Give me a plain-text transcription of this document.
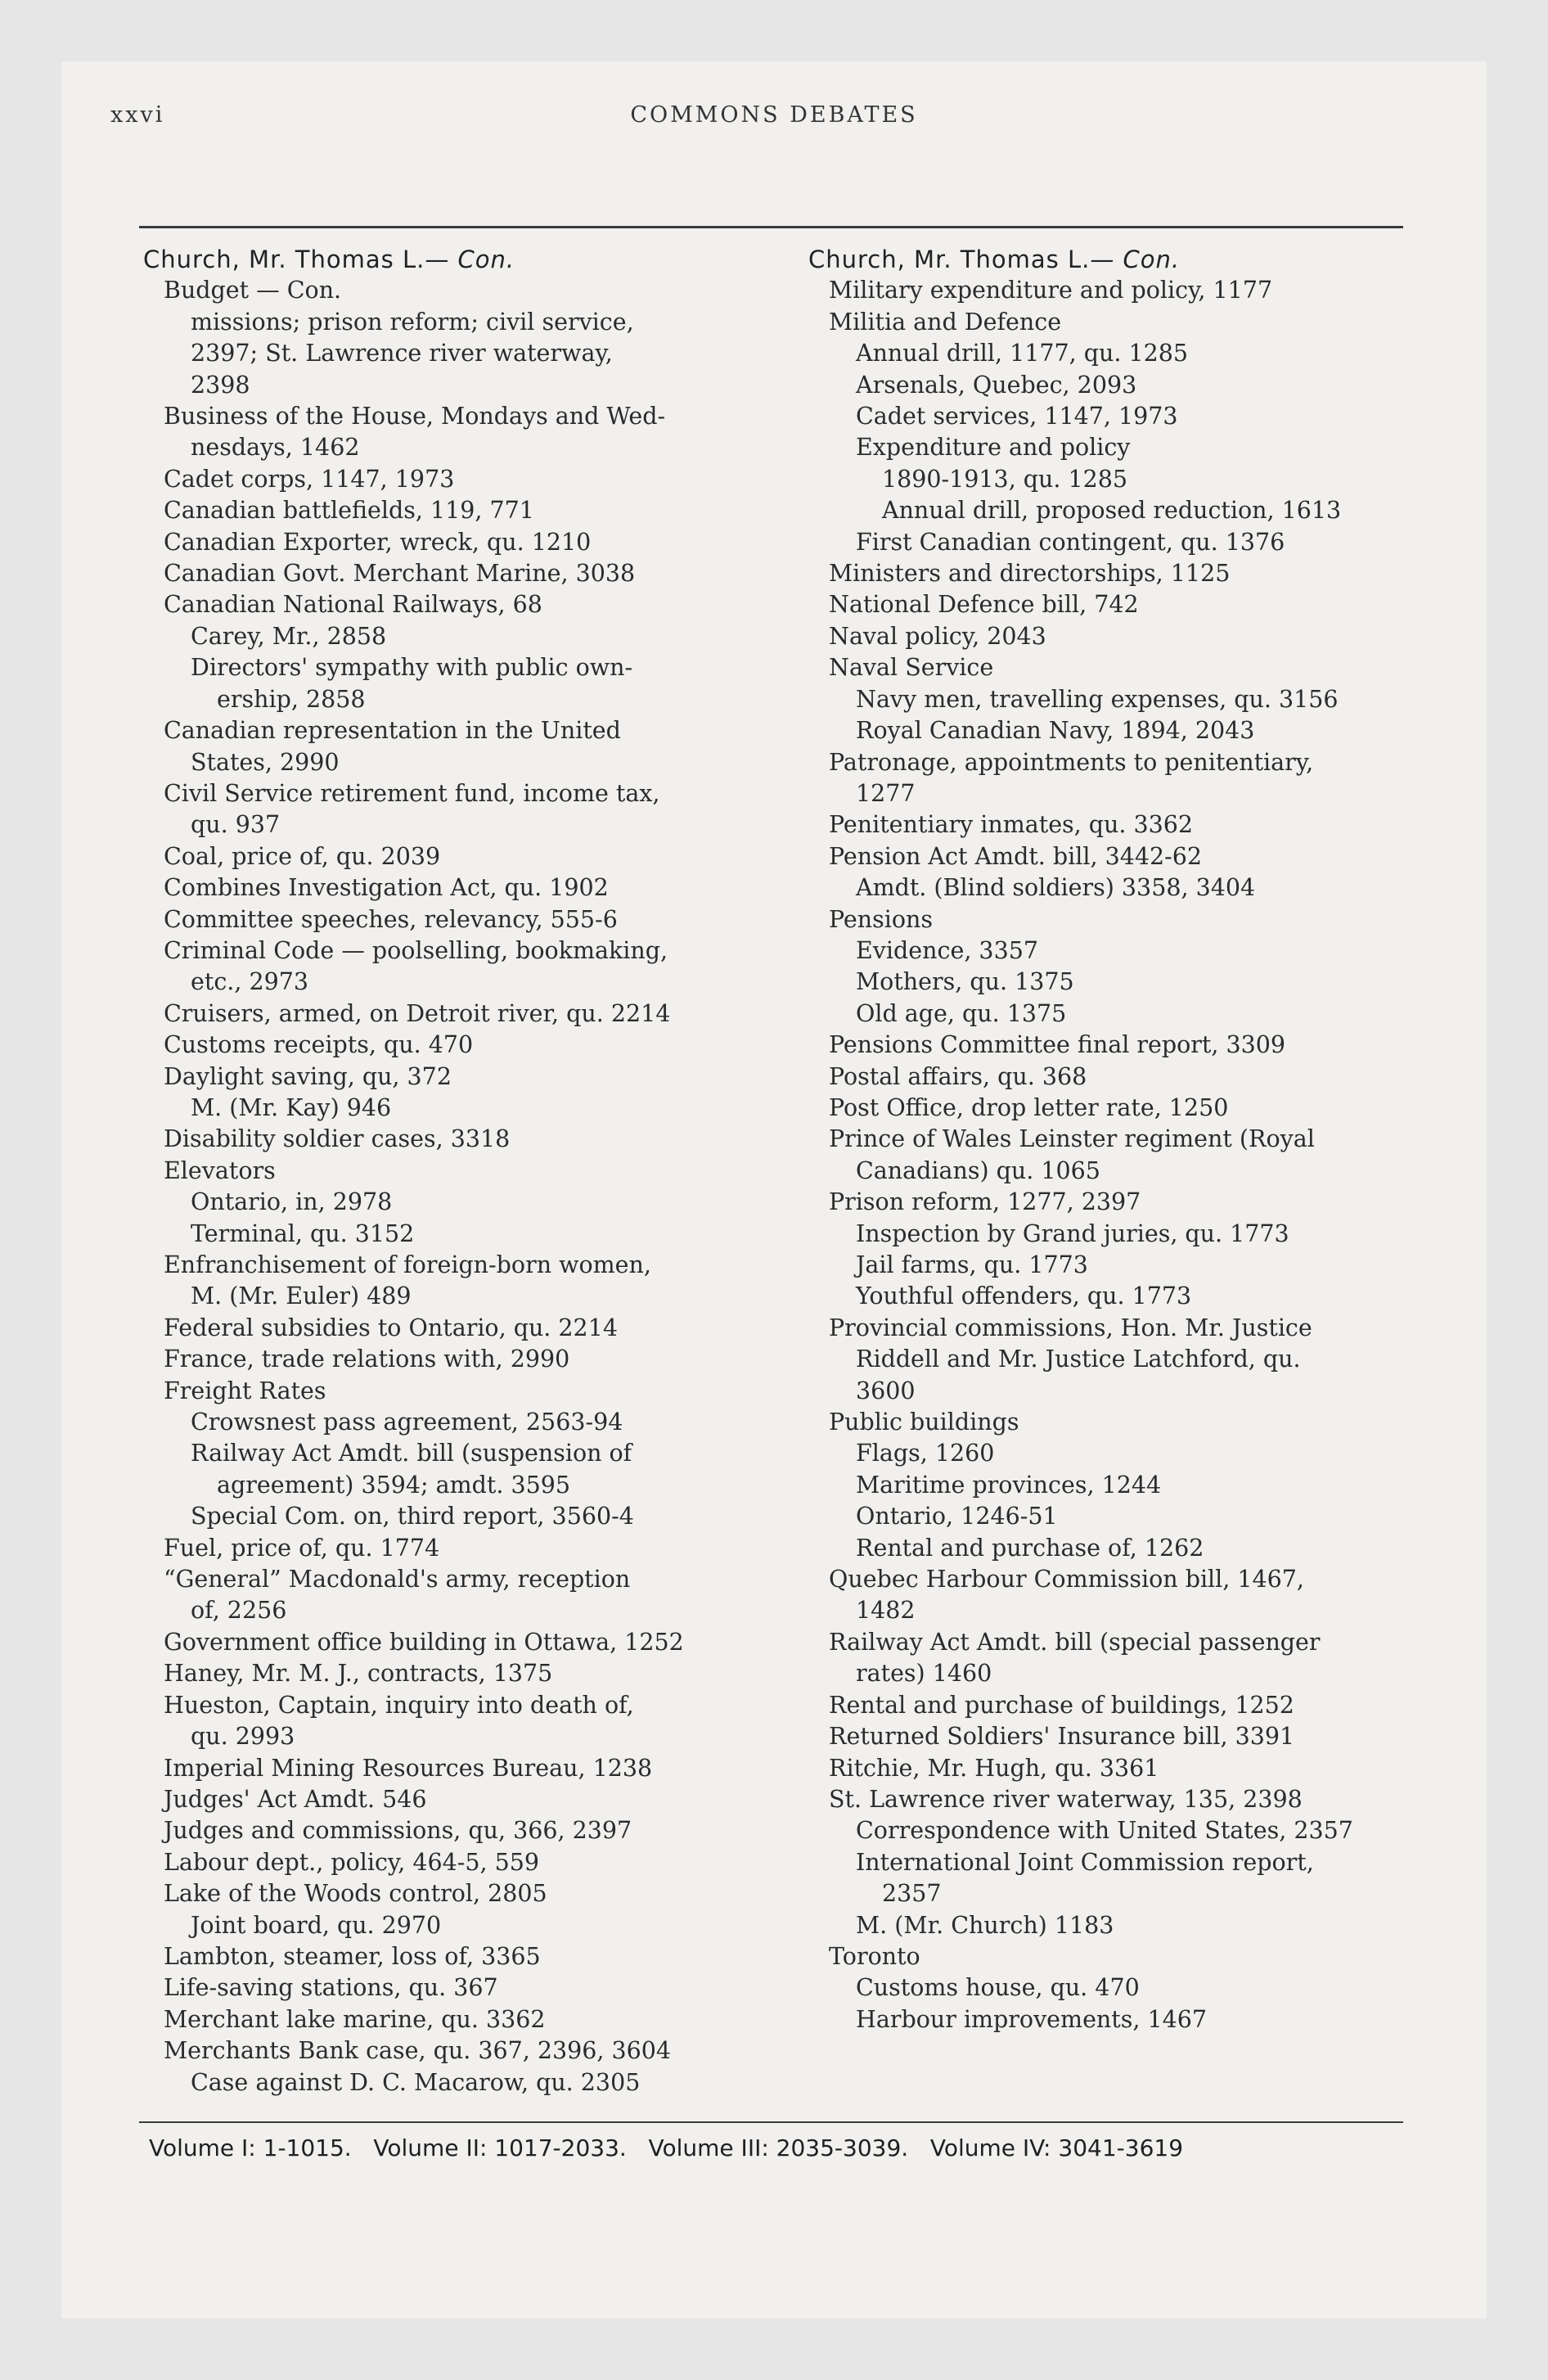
xxvi	COMMONS DEBATES
Church, Mr. Thomas L.— Con.
Budget — Con.
missions; prison reform; civil service,
2397; St. Lawrence river waterway,
2398
Business of the House, Mondays and Wed-
nesdays, 1462
Cadet corps, 1147, 1973
Canadian battlefields, 119, 771
Canadian Exporter, wreck, qu. 1210
Canadian Govt. Merchant Marine, 3038
Canadian National Railways, 68
Carey, Mr., 2858
Directors' sympathy with public own-
ership, 2858
Canadian representation in the United
States, 2990
Civil Service retirement fund, income tax,
qu. 937
Coal, price of, qu. 2039
Combines Investigation Act, qu. 1902
Committee speeches, relevancy, 555-6
Criminal Code — poolselling, bookmaking,
etc., 2973
Cruisers, armed, on Detroit river, qu. 2214
Customs receipts, qu. 470
Daylight saving, qu, 372
M. (Mr. Kay) 946
Disability soldier cases, 3318
Elevators
Ontario, in, 2978
Terminal, qu. 3152
Enfranchisement of foreign-born women,
M. (Mr. Euler) 489
Federal subsidies to Ontario, qu. 2214
France, trade relations with, 2990
Freight Rates
Crowsnest pass agreement, 2563-94
Railway Act Amdt. bill (suspension of
agreement) 3594; amdt. 3595
Special Com. on, third report, 3560-4
Fuel, price of, qu. 1774
“General” Macdonald's army, reception
of, 2256
Government office building in Ottawa, 1252
Haney, Mr. M. J., contracts, 1375
Hueston, Captain, inquiry into death of,
qu. 2993
Imperial Mining Resources Bureau, 1238
Judges' Act Amdt. 546
Judges and commissions, qu, 366, 2397
Labour dept., policy, 464-5, 559
Lake of the Woods control, 2805
Joint board, qu. 2970
Lambton, steamer, loss of, 3365
Life-saving stations, qu. 367
Merchant lake marine, qu. 3362
Merchants Bank case, qu. 367, 2396, 3604
Case against D. C. Macarow, qu. 2305
Church, Mr. Thomas L.— Con.
Military expenditure and policy, 1177
Militia and Defence
Annual drill, 1177, qu. 1285
Arsenals, Quebec, 2093
Cadet services, 1147, 1973
Expenditure and policy
1890-1913, qu. 1285
Annual drill, proposed reduction, 1613
First Canadian contingent, qu. 1376
Ministers and directorships, 1125
National Defence bill, 742
Naval policy, 2043
Naval Service
Navy men, travelling expenses, qu. 3156
Royal Canadian Navy, 1894, 2043
Patronage, appointments to penitentiary,
1277
Penitentiary inmates, qu. 3362
Pension Act Amdt. bill, 3442-62
Amdt. (Blind soldiers) 3358, 3404
Pensions
Evidence, 3357
Mothers, qu. 1375
Old age, qu. 1375
Pensions Committee final report, 3309
Postal affairs, qu. 368
Post Office, drop letter rate, 1250
Prince of Wales Leinster regiment (Royal
Canadians) qu. 1065
Prison reform, 1277, 2397
Inspection by Grand juries, qu. 1773
Jail farms, qu. 1773
Youthful offenders, qu. 1773
Provincial commissions, Hon. Mr. Justice
Riddell and Mr. Justice Latchford, qu.
3600
Public buildings
Flags, 1260
Maritime provinces, 1244
Ontario, 1246-51
Rental and purchase of, 1262
Quebec Harbour Commission bill, 1467,
1482
Railway Act Amdt. bill (special passenger
rates) 1460
Rental and purchase of buildings, 1252
Returned Soldiers' Insurance bill, 3391
Ritchie, Mr. Hugh, qu. 3361
St. Lawrence river waterway, 135, 2398
Correspondence with United States, 2357
International Joint Commission report,
2357
M. (Mr. Church) 1183
Toronto
Customs house, qu. 470
Harbour improvements, 1467
Volume I: 1-1015.   Volume II: 1017-2033.   Volume III: 2035-3039.   Volume IV: 3041-3619
